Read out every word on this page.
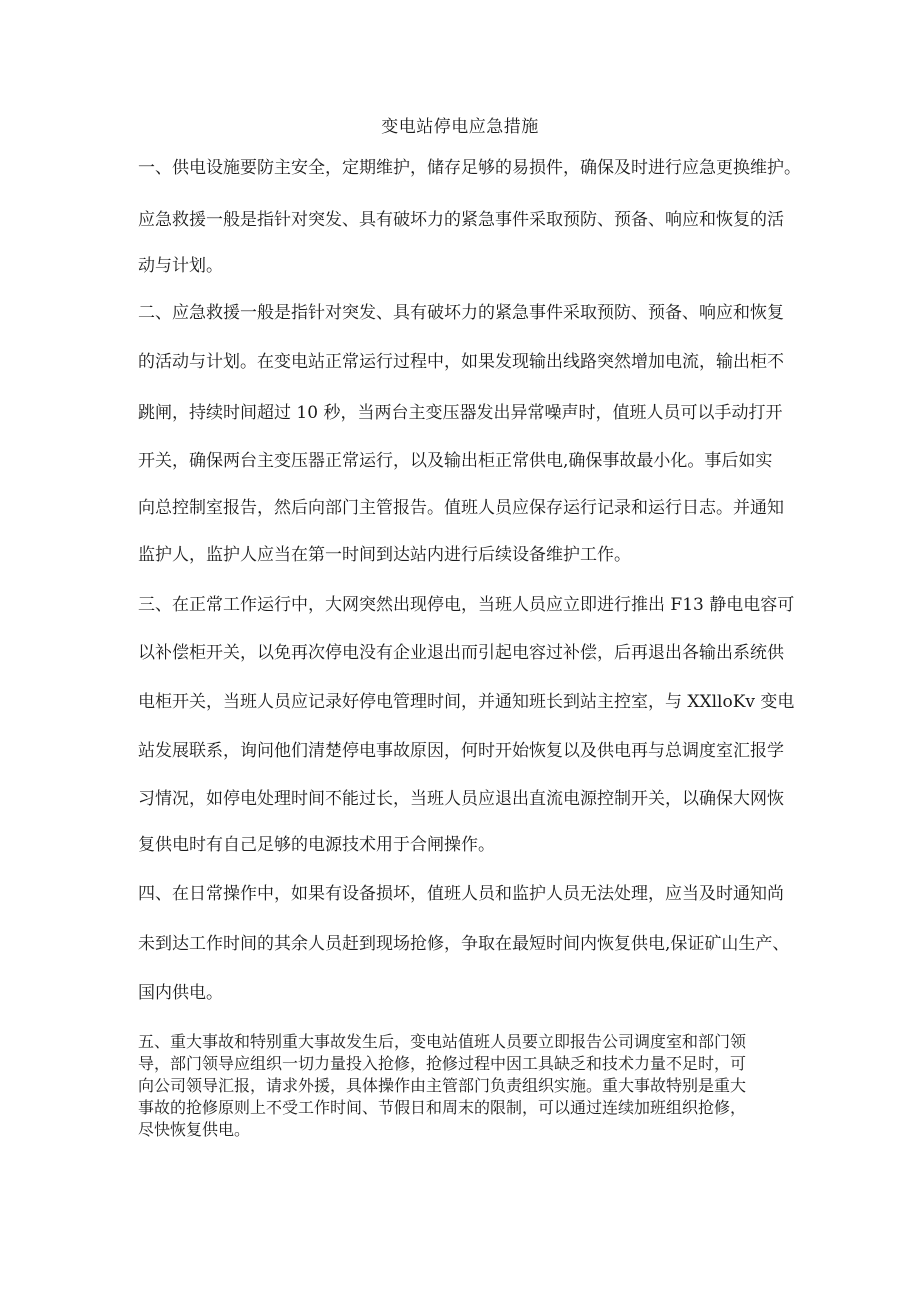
变电站停电应急措施

一、供电设施要防主安全，定期维护，储存足够的易损件，确保及时进行应急更换维护。

应急救援一般是指针对突发、具有破坏力的紧急事件采取预防、预备、响应和恢复的活

动与计划。

二、应急救援一般是指针对突发、具有破坏力的紧急事件采取预防、预备、响应和恢复

的活动与计划。在变电站正常运行过程中，如果发现输出线路突然增加电流，输出柜不

跳闸，持续时间超过 10 秒，当两台主变压器发出异常噪声时，值班人员可以手动打开

开关，确保两台主变压器正常运行，以及输出柜正常供电,确保事故最小化。事后如实

向总控制室报告，然后向部门主管报告。值班人员应保存运行记录和运行日志。并通知

监护人，监护人应当在第一时间到达站内进行后续设备维护工作。

三、在正常工作运行中，大网突然出现停电，当班人员应立即进行推出 F13 静电电容可

以补偿柜开关，以免再次停电没有企业退出而引起电容过补偿，后再退出各输出系统供

电柜开关，当班人员应记录好停电管理时间，并通知班长到站主控室，与 XXlloKv 变电

站发展联系，询问他们清楚停电事故原因，何时开始恢复以及供电再与总调度室汇报学

习情况，如停电处理时间不能过长，当班人员应退出直流电源控制开关，以确保大网恢

复供电时有自己足够的电源技术用于合闸操作。

四、在日常操作中，如果有设备损坏，值班人员和监护人员无法处理，应当及时通知尚

未到达工作时间的其余人员赶到现场抢修，争取在最短时间内恢复供电,保证矿山生产、

国内供电。

五、重大事故和特别重大事故发生后，变电站值班人员要立即报告公司调度室和部门领
导，部门领导应组织一切力量投入抢修，抢修过程中因工具缺乏和技术力量不足时，可
向公司领导汇报，请求外援，具体操作由主管部门负责组织实施。重大事故特别是重大
事故的抢修原则上不受工作时间、节假日和周末的限制，可以通过连续加班组织抢修，
尽快恢复供电。
